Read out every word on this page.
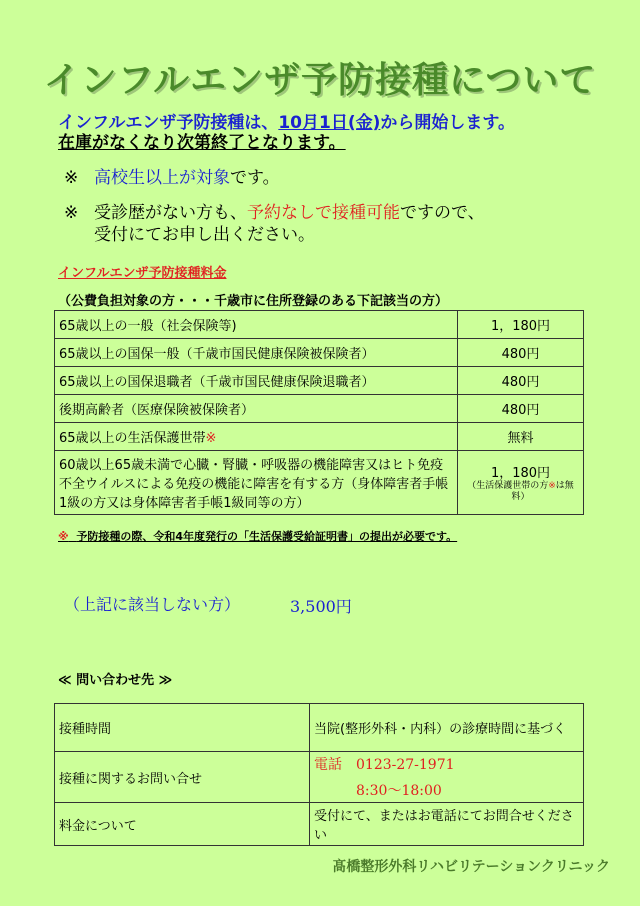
インフルエンザ予防接種について
インフルエンザ予防接種は、10月1日(金)から開始します。
在庫がなくなり次第終了となります。
※ 高校生以上が対象です。
※ 受診歴がない方も、予約なしで接種可能ですので、
受付にてお申し出ください。
インフルエンザ予防接種料金
（公費負担対象の方・・・千歳市に住所登録のある下記該当の方）
65歳以上の一般（社会保険等)	1，180円
65歳以上の国保一般（千歳市国民健康保険被保険者）	480円
65歳以上の国保退職者（千歳市国民健康保険退職者）	480円
後期高齢者（医療保険被保険者）	480円
65歳以上の生活保護世帯※	無料
60歳以上65歳未満で心臓・腎臓・呼吸器の機能障害又はヒト免疫不全ウイルスによる免疫の機能に障害を有する方（身体障害者手帳1級の方又は身体障害者手帳1級同等の方）	1，180円
（生活保護世帯の方※は無料）
※ 予防接種の際、令和4年度発行の「生活保護受給証明書」の提出が必要です。
（上記に該当しない方）	3,500円
≪ 問い合わせ先 ≫
接種時間	当院(整形外科・内科）の診療時間に基づく
接種に関するお問い合せ	電話　0123-27-1971
8:30～18:00

料金について	受付にて、またはお電話にてお問合せください
髙橋整形外科リハビリテーションクリニック
